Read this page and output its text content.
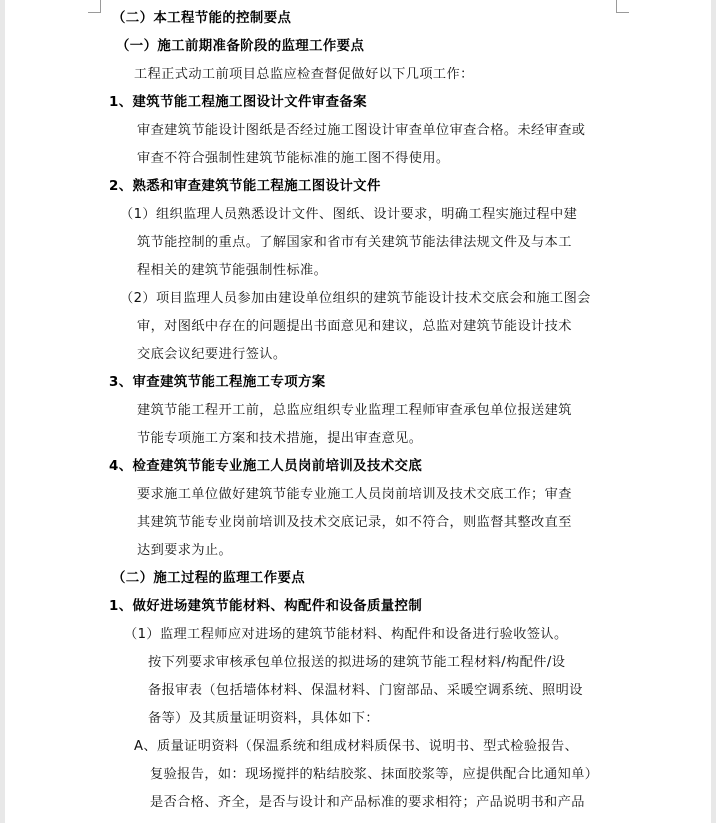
（二）本工程节能的控制要点
（一）施工前期准备阶段的监理工作要点
工程正式动工前项目总监应检查督促做好以下几项工作：
1、建筑节能工程施工图设计文件审查备案
审查建筑节能设计图纸是否经过施工图设计审查单位审查合格。未经审查或
审查不符合强制性建筑节能标准的施工图不得使用。
2、熟悉和审查建筑节能工程施工图设计文件
（1）组织监理人员熟悉设计文件、图纸、设计要求，明确工程实施过程中建
筑节能控制的重点。了解国家和省市有关建筑节能法律法规文件及与本工
程相关的建筑节能强制性标准。
（2）项目监理人员参加由建设单位组织的建筑节能设计技术交底会和施工图会
审，对图纸中存在的问题提出书面意见和建议，总监对建筑节能设计技术
交底会议纪要进行签认。
3、审查建筑节能工程施工专项方案
建筑节能工程开工前，总监应组织专业监理工程师审查承包单位报送建筑
节能专项施工方案和技术措施，提出审查意见。
4、检查建筑节能专业施工人员岗前培训及技术交底
要求施工单位做好建筑节能专业施工人员岗前培训及技术交底工作；审查
其建筑节能专业岗前培训及技术交底记录，如不符合，则监督其整改直至
达到要求为止。
（二）施工过程的监理工作要点
1、做好进场建筑节能材料、构配件和设备质量控制
（1）监理工程师应对进场的建筑节能材料、构配件和设备进行验收签认。
按下列要求审核承包单位报送的拟进场的建筑节能工程材料/构配件/设
备报审表（包括墙体材料、保温材料、门窗部品、采暖空调系统、照明设
备等）及其质量证明资料，具体如下：
A、质量证明资料（保温系统和组成材料质保书、说明书、型式检验报告、
复验报告，如：现场搅拌的粘结胶浆、抹面胶浆等，应提供配合比通知单）
是否合格、齐全，是否与设计和产品标准的要求相符；产品说明书和产品
